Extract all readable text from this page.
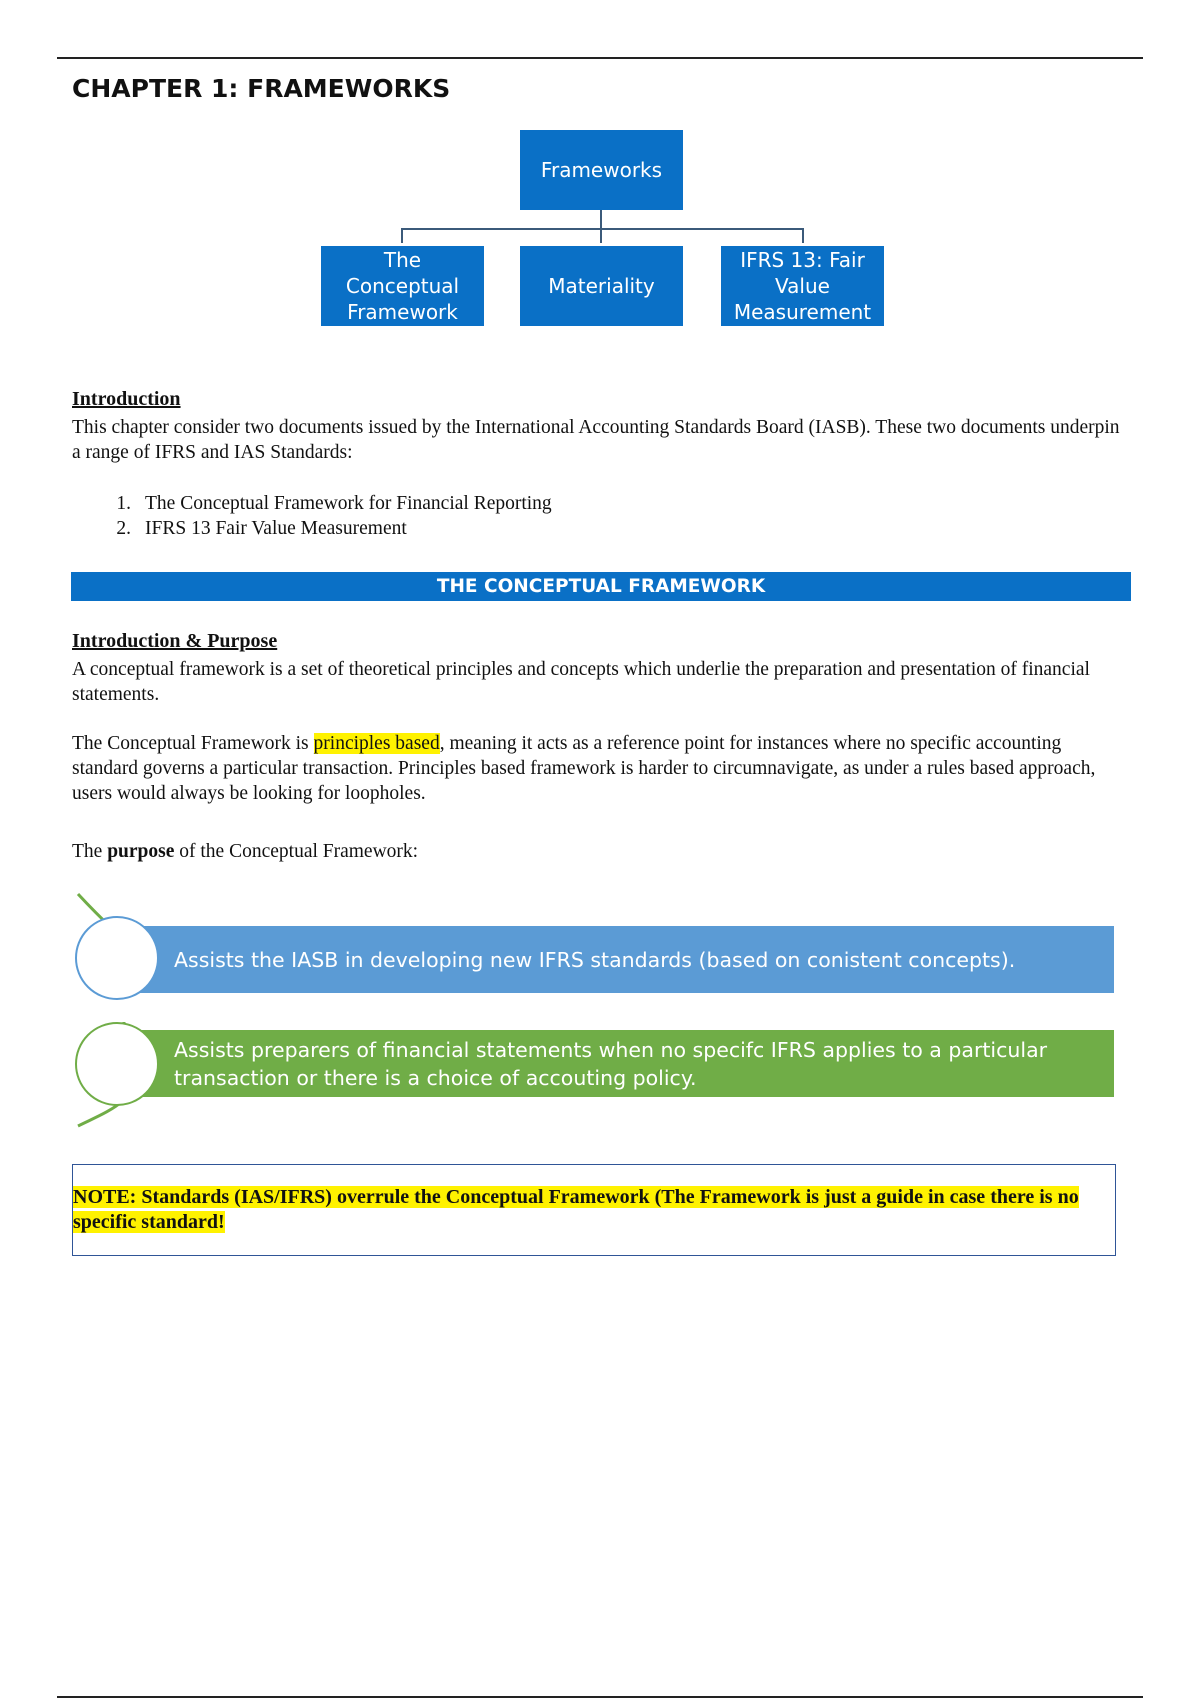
CHAPTER 1: FRAMEWORKS
Frameworks
The Conceptual Framework
Materiality
IFRS 13: Fair Value Measurement
Introduction

This chapter consider two documents issued by the International Accounting Standards Board (IASB). These two documents underpin a range of IFRS and IAS Standards:

1. The Conceptual Framework for Financial Reporting
2. IFRS 13 Fair Value Measurement
THE CONCEPTUAL FRAMEWORK
Introduction & Purpose

A conceptual framework is a set of theoretical principles and concepts which underlie the preparation and presentation of financial statements.

The Conceptual Framework is principles based, meaning it acts as a reference point for instances where no specific accounting standard governs a particular transaction. Principles based framework is harder to circumnavigate, as under a rules based approach, users would always be looking for loopholes.

The purpose of the Conceptual Framework:

Assists the IASB in developing new IFRS standards (based on conistent concepts).
Assists preparers of financial statements when no specifc IFRS applies to a particular transaction or there is a choice of accouting policy.

NOTE: Standards (IAS/IFRS) overrule the Conceptual Framework (The Framework is just a guide in case there is no specific standard!
